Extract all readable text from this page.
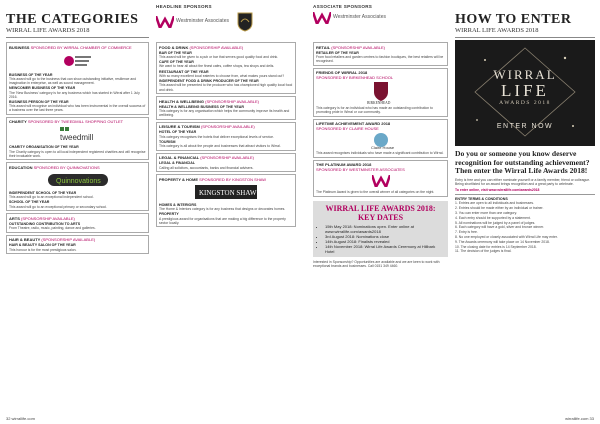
THE CATEGORIES
WIRRAL LIFE AWARDS 2018
BUSINESS SPONSORED BY WIRRAL CHAMBER OF COMMERCE
BUSINESS OF THE YEAR
This award will go to the business that can show outstanding initiative, resilience and imagination in enterprise, as well as sound management.
NEWCOMER BUSINESS OF THE YEAR
The 'New Business' category is for any business which has started in Wirral after 1 July 2016.
BUSINESS PERSON OF THE YEAR
This award will recognise an individual who has been instrumental in the overall success of a business over the last three years.
CHARITY SPONSORED BY TWEEDMILL SHOPPING OUTLET
tweedmill
CHARITY ORGANISATION OF THE YEAR
The Charity category is open to all local independent registered charities and will recognise their invaluable work.
EDUCATION SPONSORED BY QUINNOVATIONS
Quinnovations
INDEPENDENT SCHOOL OF THE YEAR
This award will go to an exceptional independent school.
SCHOOL OF THE YEAR
This award will go to an exceptional primary or secondary school.
ARTS (SPONSORSHIP AVAILABLE)
OUTSTANDING CONTRIBUTION TO ARTS
From Theatre, radio, music, painting, dance and galleries.
HAIR & BEAUTY (SPONSORSHIP AVAILABLE)
HAIR & BEAUTY SALON OF THE YEAR
This honour is for the most prestigious salon.
HEADLINE SPONSORS
Westminster Associates
FOOD & DRINK (SPONSORSHIP AVAILABLE)
BAR OF THE YEAR
This award will be given to a pub or bar that serves good quality food and drink.
CAFE OF THE YEAR
We want to hear all about the finest cafes, coffee shops, tea shops and delis.
RESTAURANT OF THE YEAR
With so many excellent local eateries to choose from, what makes yours stand out?
INDEPENDENT FOOD & DRINK PRODUCER OF THE YEAR
This award will be presented to the producer who has championed high quality local food and drink.
HEALTH & WELLBEING (SPONSORSHIP AVAILABLE)
HEALTH & WELLBEING BUSINESS OF THE YEAR
This category is for any organisation which helps the community improve its health and wellbeing.
LEISURE & TOURISM (SPONSORSHIP AVAILABLE)
HOTEL OF THE YEAR
This category recognises the hotels that deliver exceptional levels of service.
TOURISM
This category is all about the people and businesses that attract visitors to Wirral.
LEGAL & FINANCIAL (SPONSORSHIP AVAILABLE)
LEGAL & FINANCIAL
Calling all solicitors, accountants, banks and financial advisers.
PROPERTY & HOME SPONSORED BY KINGSTON SHAW
KINGSTON SHAW
HOMES & INTERIORS
The Home & Interiors category is for any business that designs or decorates homes.
PROPERTY
A prestigious award for organisations that are making a big difference to the property sector locally.
ASSOCIATE SPONSORS
Westminster Associates
RETAIL (SPONSORSHIP AVAILABLE)
RETAILER OF THE YEAR
From food retailers and garden centres to fashion boutiques, the best retailers will be recognised.
FRIENDS OF WIRRAL 2018
SPONSORED BY BIRKENHEAD SCHOOL
BIRKENHEAD
This category is for an individual who has made an outstanding contribution to promoting pride in Wirral or our community.
LIFETIME ACHIEVEMENT AWARD 2018
SPONSORED BY CLAIRE HOUSE
Claire House
This award recognises individuals who have made a significant contribution to Wirral.
THE PLATINUM AWARD 2018
SPONSORED BY WESTMINSTER ASSOCIATES
The Platinum Award is given to the overall winner of all categories on the night.
WIRRAL LIFE AWARDS 2018: KEY DATES
• 15th May 2018: Nominations open. Enter online at www.wirrallife.com/awards2018
• 3rd August 2018: Nominations close
• 14th August 2018: Finalists revealed
• 14th November 2018: Wirral Life Awards Ceremony at Hillbark Hotel
Interested in Sponsorship? Opportunities are available and we are keen to work with exceptional brands and businesses. Call 0151 349 4460.
HOW TO ENTER
WIRRAL LIFE AWARDS 2018
WIRRAL
LIFE
AWARDS 2018
ENTER NOW
Do you or someone you know deserve recognition for outstanding achievement? Then enter the Wirral Life Awards 2018!
Entry is free and you can either nominate yourself or a family member, friend or colleague. Being shortlisted for an award brings recognition and a great party to celebrate.
To enter online, visit www.wirrallife.com/awards2018
ENTRY TERMS & CONDITIONS
1. Entries are open to all individuals and businesses.
2. Entries should be made either by an individual or trainer.
3. You can enter more than one category.
4. Each entry should be supported by a statement.
5. All nominations will be judged by a panel of judges.
6. Each category will have a gold, silver and bronze winner.
7. Entry is free.
8. No one employed or closely associated with Wirral Life may enter.
9. The Awards ceremony will take place on 14 November 2018.
10. The closing date for entries is 14 September 2018.
11. The decision of the judges is final.
32 wirrallife.com	wirrallife.com 33
